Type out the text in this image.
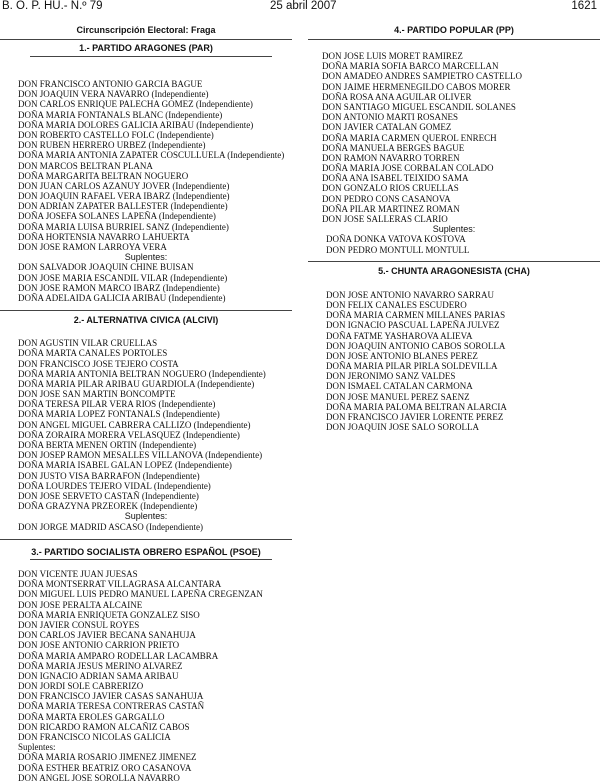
B. O. P. HU.- N.º 79	25 abril 2007	1621
Circunscripción Electoral: Fraga
1.- PARTIDO ARAGONES (PAR)
DON FRANCISCO ANTONIO GARCIA BAGUE
DON JOAQUIN VERA NAVARRO (Independiente)
DON CARLOS ENRIQUE PALECHA GOMEZ (Independiente)
DOÑA MARIA FONTANALS BLANC (Independiente)
DOÑA MARIA DOLORES GALICIA ARIBAU (Independiente)
DON ROBERTO CASTELLO FOLC (Independiente)
DON RUBEN HERRERO URBEZ (Independiente)
DOÑA MARIA ANTONIA ZAPATER COSCULLUELA (Independiente)
DON MARCOS BELTRAN PLANA
DOÑA MARGARITA BELTRAN NOGUERO
DON JUAN CARLOS AZANUY JOVER (Independiente)
DON JOAQUIN RAFAEL VERA IBARZ (Independiente)
DON ADRIAN ZAPATER BALLESTER (Independiente)
DOÑA JOSEFA SOLANES LAPEÑA (Independiente)
DOÑA MARIA LUISA BURRIEL SANZ (Independiente)
DOÑA HORTENSIA NAVARRO LAHUERTA
DON JOSE RAMON LARROYA VERA
Suplentes:
DON SALVADOR JOAQUIN CHINE BUISAN
DON JOSE MARIA ESCANDIL VILAR (Independiente)
DON JOSE RAMON MARCO IBARZ (Independiente)
DOÑA ADELAIDA GALICIA ARIBAU (Independiente)
2.- ALTERNATIVA CIVICA (ALCIVI)
DON AGUSTIN VILAR CRUELLAS
DOÑA MARTA CANALES PORTOLES
DON FRANCISCO JOSE TEJERO COSTA
DOÑA MARIA ANTONIA BELTRAN NOGUERO (Independiente)
DOÑA MARIA PILAR ARIBAU GUARDIOLA (Independiente)
DON JOSE SAN MARTIN BONCOMPTE
DOÑA TERESA PILAR VERA RIOS (Independiente)
DOÑA MARIA LOPEZ FONTANALS (Independiente)
DON ANGEL MIGUEL CABRERA CALLIZO (Independiente)
DOÑA ZORAIRA MORERA VELASQUEZ (Independiente)
DOÑA BERTA MENEN ORTIN (Independiente)
DON JOSEP RAMON MESALLES VILLANOVA (Independiente)
DOÑA MARIA ISABEL GALAN LOPEZ (Independiente)
DON JUSTO VISA BARRAFON (Independiente)
DOÑA LOURDES TEJERO VIDAL (Independiente)
DON JOSE SERVETO CASTAÑ (Independiente)
DOÑA GRAZYNA PRZEOREK (Independiente)
Suplentes:
DON JORGE MADRID ASCASO (Independiente)
4.- PARTIDO POPULAR (PP)
DON JOSE LUIS MORET RAMIREZ
DOÑA MARIA SOFIA BARCO MARCELLAN
DON AMADEO ANDRES SAMPIETRO CASTELLO
DON JAIME HERMENEGILDO CABOS MORER
DOÑA ROSA ANA AGUILAR OLIVER
DON SANTIAGO MIGUEL ESCANDIL SOLANES
DON ANTONIO MARTI ROSANES
DON JAVIER CATALAN GOMEZ
DOÑA MARIA CARMEN QUEROL ENRECH
DOÑA MANUELA BERGES BAGUE
DON RAMON NAVARRO TORREN
DOÑA MARIA JOSE CORBALAN COLADO
DOÑA ANA ISABEL TEIXIDO SAMA
DON GONZALO RIOS CRUELLAS
DON PEDRO CONS CASANOVA
DOÑA PILAR MARTINEZ ROMAN
DON JOSE SALLERAS CLARIO
Suplentes:
DOÑA DONKA VATOVA KOSTOVA
DON PEDRO MONTULL MONTULL
5.- CHUNTA ARAGONESISTA (CHA)
DON JOSE ANTONIO NAVARRO SARRAU
DON FELIX CANALES ESCUDERO
DOÑA MARIA CARMEN MILLANES PARIAS
DON IGNACIO PASCUAL LAPEÑA JULVEZ
DOÑA FATME YASHAROVA ALIEVA
DON JOAQUIN ANTONIO CABOS SOROLLA
DON JOSE ANTONIO BLANES PEREZ
DOÑA MARIA PILAR PIRLA SOLDEVILLA
DON JERONIMO SANZ VALDES
DON ISMAEL CATALAN CARMONA
DON JOSE MANUEL PEREZ SAENZ
DOÑA MARIA PALOMA BELTRAN ALARCIA
DON FRANCISCO JAVIER LORENTE PEREZ
DON JOAQUIN JOSE SALO SOROLLA
3.- PARTIDO SOCIALISTA OBRERO ESPAÑOL (PSOE)
DON VICENTE JUAN JUESAS
DOÑA MONTSERRAT VILLAGRASA ALCANTARA
DON MIGUEL LUIS PEDRO MANUEL LAPEÑA CREGENZAN
DON JOSE PERALTA ALCAINE
DOÑA MARIA ENRIQUETA GONZALEZ SISO
DON JAVIER CONSUL ROYES
DON CARLOS JAVIER BECANA SANAHUJA
DON JOSE ANTONIO CARRION PRIETO
DOÑA MARIA AMPARO RODELLAR LACAMBRA
DOÑA MARIA JESUS MERINO ALVAREZ
DON IGNACIO ADRIAN SAMA ARIBAU
DON JORDI SOLE CABRERIZO
DON FRANCISCO JAVIER CASAS SANAHUJA
DOÑA MARIA TERESA CONTRERAS CASTAÑ
DOÑA MARTA EROLES GARGALLO
DON RICARDO RAMON ALCAÑIZ CABOS
DON FRANCISCO NICOLAS GALICIA
Suplentes:
DOÑA MARIA ROSARIO JIMENEZ JIMENEZ
DOÑA ESTHER BEATRIZ ORO CASANOVA
DON ANGEL JOSE SOROLLA NAVARRO
